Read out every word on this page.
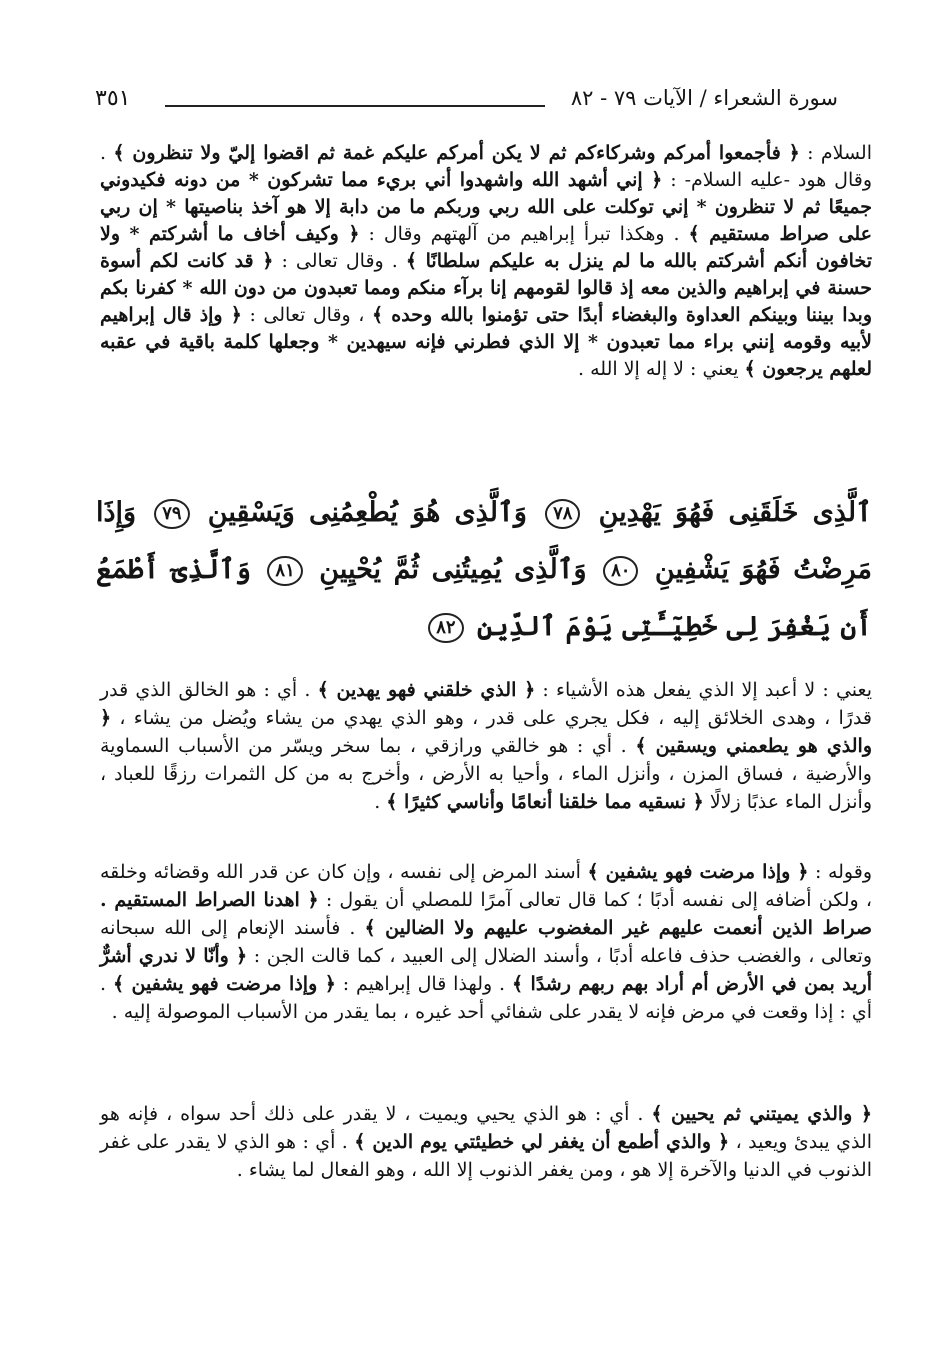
سورة الشعراء / الآيات ٧٩ - ٨٢
٣٥١
السلام : ﴿ فأجمعوا أمركم وشركاءكم ثم لا يكن أمركم عليكم غمة ثم اقضوا إليّ ولا تنظرون ﴾ . وقال هود -عليه السلام- : ﴿ إني أشهد الله واشهدوا أني بريء مما تشركون * من دونه فكيدوني جميعًا ثم لا تنظرون * إني توكلت على الله ربي وربكم ما من دابة إلا هو آخذ بناصيتها * إن ربي على صراط مستقيم ﴾ . وهكذا تبرأ إبراهيم من آلهتهم وقال : ﴿ وكيف أخاف ما أشركتم * ولا تخافون أنكم أشركتم بالله ما لم ينزل به عليكم سلطانًا ﴾ . وقال تعالى : ﴿ قد كانت لكم أسوة حسنة في إبراهيم والذين معه إذ قالوا لقومهم إنا برآء منكم ومما تعبدون من دون الله * كفرنا بكم وبدا بيننا وبينكم العداوة والبغضاء أبدًا حتى تؤمنوا بالله وحده ﴾ ، وقال تعالى : ﴿ وإذ قال إبراهيم لأبيه وقومه إنني براء مما تعبدون * إلا الذي فطرني فإنه سيهدين * وجعلها كلمة باقية في عقبه لعلهم يرجعون ﴾ يعني : لا إله إلا الله .
ٱلَّذِى خَلَقَنِى فَهُوَ يَهْدِينِ ٧٨ وَٱلَّذِى هُوَ يُطْعِمُنِى وَيَسْقِينِ ٧٩ وَإِذَا مَرِضْتُ فَهُوَ يَشْفِينِ ٨٠ وَٱلَّذِى يُمِيتُنِى ثُمَّ يُحْيِينِ ٨١ وَٱلَّذِىٓ أَطْمَعُ أَن يَغْفِرَ لِى خَطِيٓـَٔتِى يَوْمَ ٱلدِّينِ ٨٢
يعني : لا أعبد إلا الذي يفعل هذه الأشياء : ﴿ الذي خلقني فهو يهدين ﴾ . أي : هو الخالق الذي قدر قدرًا ، وهدى الخلائق إليه ، فكل يجري على قدر ، وهو الذي يهدي من يشاء ويُضل من يشاء ، ﴿ والذي هو يطعمني ويسقين ﴾ . أي : هو خالقي ورازقي ، بما سخر ويسّر من الأسباب السماوية والأرضية ، فساق المزن ، وأنزل الماء ، وأحيا به الأرض ، وأخرج به من كل الثمرات رزقًا للعباد ، وأنزل الماء عذبًا زلالًا ﴿ نسقيه مما خلقنا أنعامًا وأناسي كثيرًا ﴾ .
وقوله : ﴿ وإذا مرضت فهو يشفين ﴾ أسند المرض إلى نفسه ، وإن كان عن قدر الله وقضائه وخلقه ، ولكن أضافه إلى نفسه أدبًا ؛ كما قال تعالى آمرًا للمصلي أن يقول : ﴿ اهدنا الصراط المستقيم . صراط الذين أنعمت عليهم غير المغضوب عليهم ولا الضالين ﴾ . فأسند الإنعام إلى الله سبحانه وتعالى ، والغضب حذف فاعله أدبًا ، وأسند الضلال إلى العبيد ، كما قالت الجن : ﴿ وأنّا لا ندري أشرٌّ أريد بمن في الأرض أم أراد بهم ربهم رشدًا ﴾ . ولهذا قال إبراهيم : ﴿ وإذا مرضت فهو يشفين ﴾ . أي : إذا وقعت في مرض فإنه لا يقدر على شفائي أحد غيره ، بما يقدر من الأسباب الموصولة إليه .
﴿ والذي يميتني ثم يحيين ﴾ . أي : هو الذي يحيي ويميت ، لا يقدر على ذلك أحد سواه ، فإنه هو الذي يبدئ ويعيد ، ﴿ والذي أطمع أن يغفر لي خطيئتي يوم الدين ﴾ . أي : هو الذي لا يقدر على غفر الذنوب في الدنيا والآخرة إلا هو ، ومن يغفر الذنوب إلا الله ، وهو الفعال لما يشاء .
